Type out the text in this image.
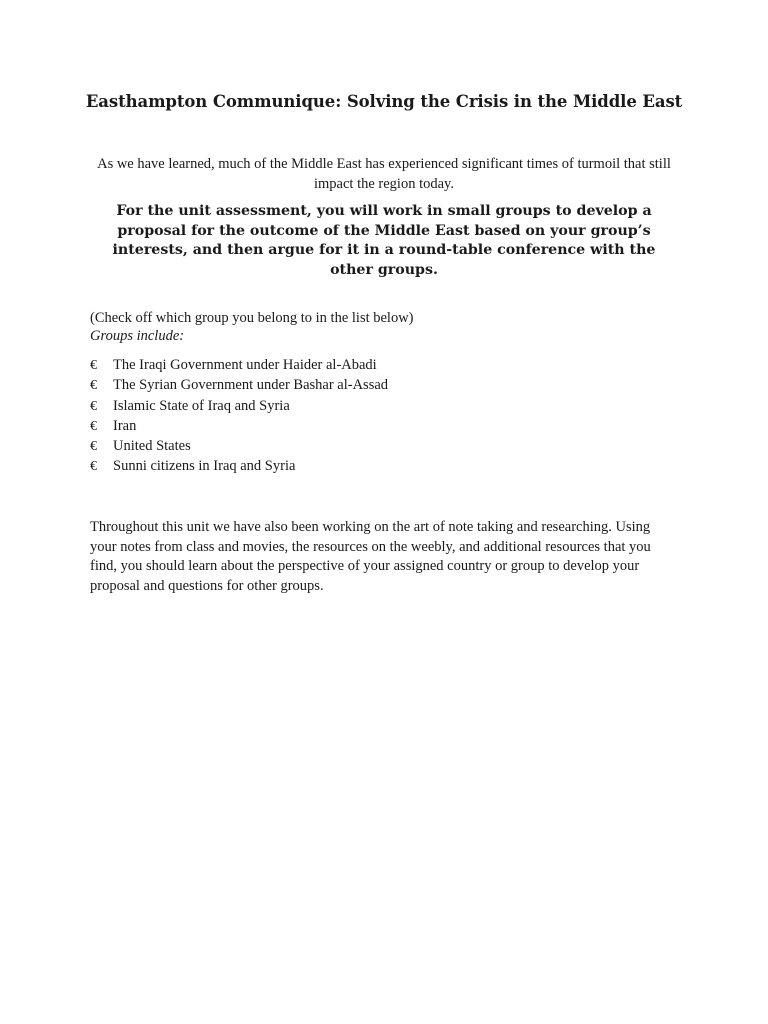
Easthampton Communique: Solving the Crisis in the Middle East
As we have learned, much of the Middle East has experienced significant times of turmoil that still impact the region today.
For the unit assessment, you will work in small groups to develop a proposal for the outcome of the Middle East based on your group’s interests, and then argue for it in a round-table conference with the other groups.
(Check off which group you belong to in the list below)
Groups include:
€	The Iraqi Government under Haider al-Abadi
€	The Syrian Government under Bashar al-Assad
€	Islamic State of Iraq and Syria
€	Iran
€	United States
€	Sunni citizens in Iraq and Syria
Throughout this unit we have also been working on the art of note taking and researching. Using your notes from class and movies, the resources on the weebly, and additional resources that you find, you should learn about the perspective of your assigned country or group to develop your proposal and questions for other groups.
